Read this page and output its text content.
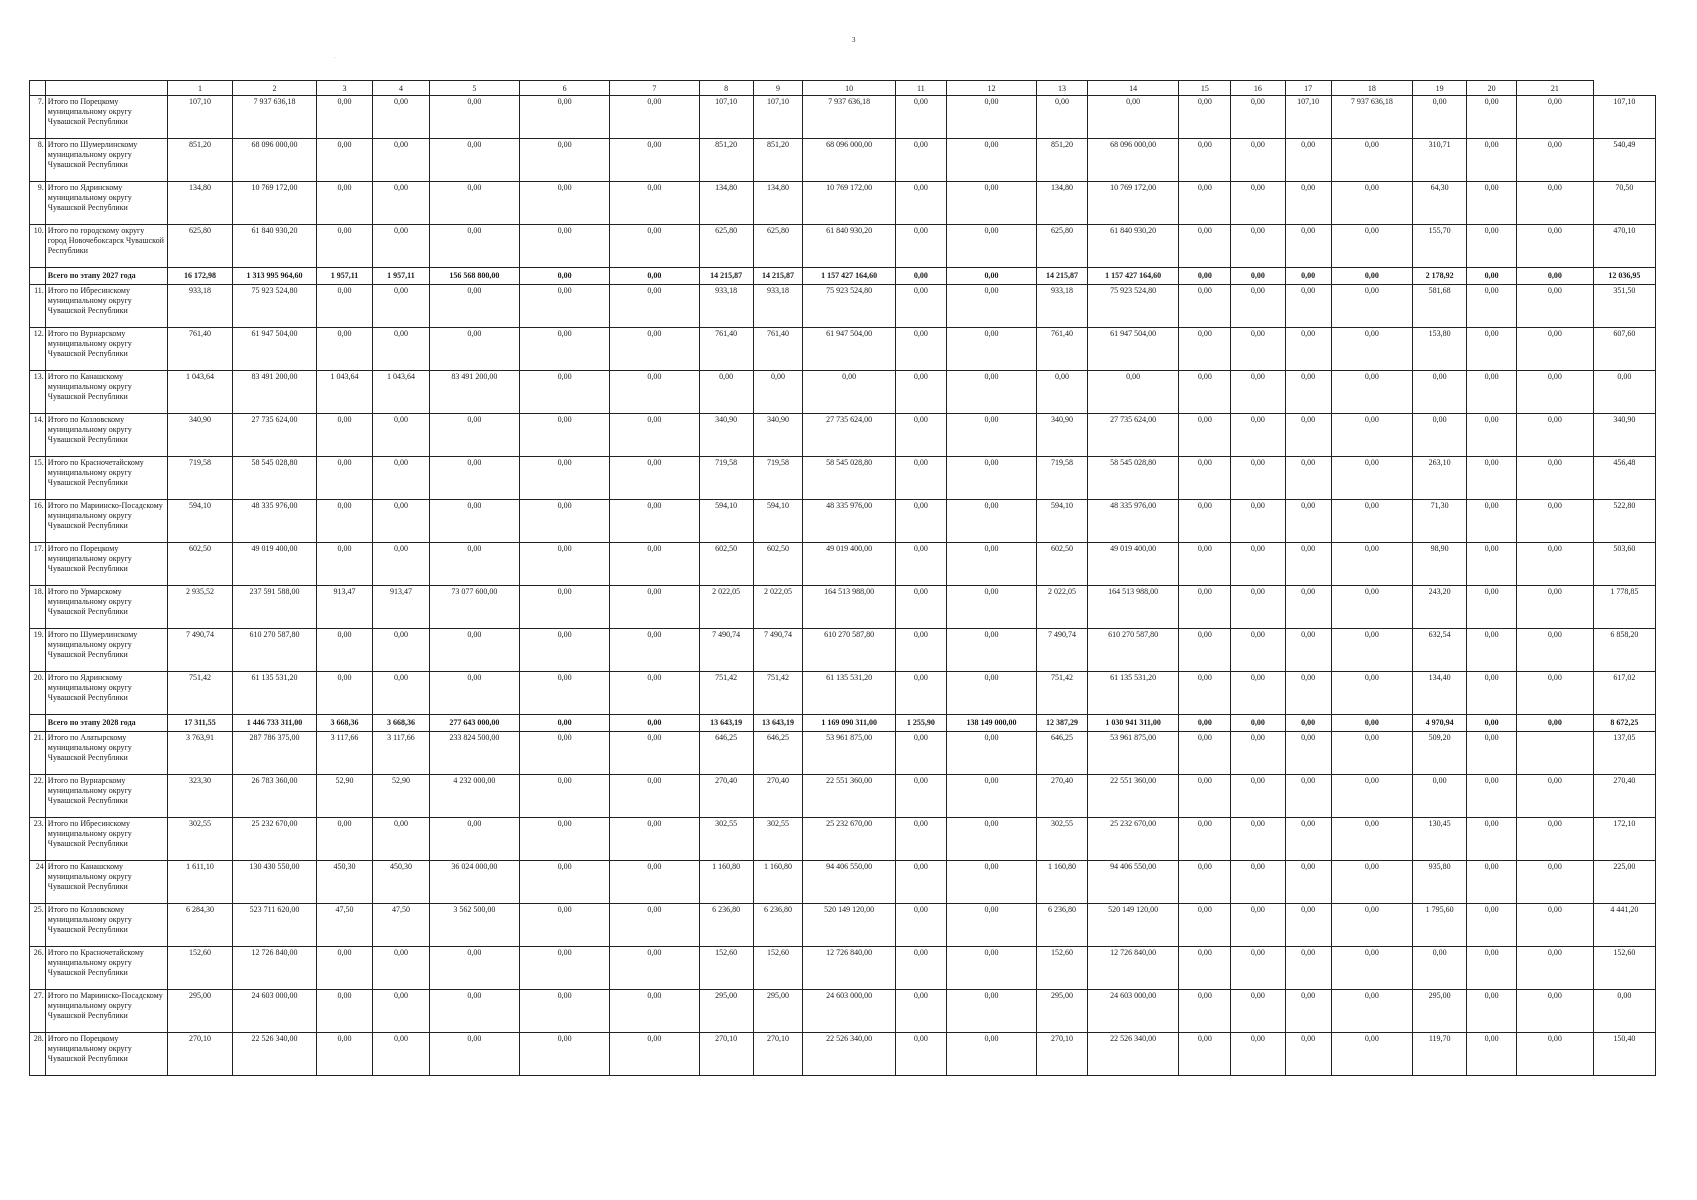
3
·
		1	2	3	4	5	6	7	8	9	10	11	12	13	14	15	16	17	18	19	20	21	
7.	Итого по Порецкому муниципальному округу Чувашской Республики	107,10	7 937 636,18	0,00	0,00	0,00	0,00	0,00	107,10	107,10	7 937 636,18	0,00	0,00	0,00	0,00	0,00	0,00	107,10	7 937 636,18	0,00	0,00	0,00	107,10
8.	Итого по Шумерлинскому муниципальному округу Чувашской Республики	851,20	68 096 000,00	0,00	0,00	0,00	0,00	0,00	851,20	851,20	68 096 000,00	0,00	0,00	851,20	68 096 000,00	0,00	0,00	0,00	0,00	310,71	0,00	0,00	540,49
9.	Итого по Ядринскому муниципальному округу Чувашской Республики	134,80	10 769 172,00	0,00	0,00	0,00	0,00	0,00	134,80	134,80	10 769 172,00	0,00	0,00	134,80	10 769 172,00	0,00	0,00	0,00	0,00	64,30	0,00	0,00	70,50
10.	Итого по городскому округу город Новочебоксарск Чувашской Республики	625,80	61 840 930,20	0,00	0,00	0,00	0,00	0,00	625,80	625,80	61 840 930,20	0,00	0,00	625,80	61 840 930,20	0,00	0,00	0,00	0,00	155,70	0,00	0,00	470,10
	Всего по этапу 2027 года	16 172,98	1 313 995 964,60	1 957,11	1 957,11	156 568 800,00	0,00	0,00	14 215,87	14 215,87	1 157 427 164,60	0,00	0,00	14 215,87	1 157 427 164,60	0,00	0,00	0,00	0,00	2 178,92	0,00	0,00	12 036,95
11.	Итого по Ибресинскому муниципальному округу Чувашской Республики	933,18	75 923 524,80	0,00	0,00	0,00	0,00	0,00	933,18	933,18	75 923 524,80	0,00	0,00	933,18	75 923 524,80	0,00	0,00	0,00	0,00	581,68	0,00	0,00	351,50
12.	Итого по Вурнарскому муниципальному округу Чувашской Республики	761,40	61 947 504,00	0,00	0,00	0,00	0,00	0,00	761,40	761,40	61 947 504,00	0,00	0,00	761,40	61 947 504,00	0,00	0,00	0,00	0,00	153,80	0,00	0,00	607,60
13.	Итого по Канашскому муниципальному округу Чувашской Республики	1 043,64	83 491 200,00	1 043,64	1 043,64	83 491 200,00	0,00	0,00	0,00	0,00	0,00	0,00	0,00	0,00	0,00	0,00	0,00	0,00	0,00	0,00	0,00	0,00	0,00
14.	Итого по Козловскому муниципальному округу Чувашской Республики	340,90	27 735 624,00	0,00	0,00	0,00	0,00	0,00	340,90	340,90	27 735 624,00	0,00	0,00	340,90	27 735 624,00	0,00	0,00	0,00	0,00	0,00	0,00	0,00	340,90
15.	Итого по Красночетайскому муниципальному округу Чувашской Республики	719,58	58 545 028,80	0,00	0,00	0,00	0,00	0,00	719,58	719,58	58 545 028,80	0,00	0,00	719,58	58 545 028,80	0,00	0,00	0,00	0,00	263,10	0,00	0,00	456,48
16.	Итого по Мариинско-Посадскому муниципальному округу Чувашской Республики	594,10	48 335 976,00	0,00	0,00	0,00	0,00	0,00	594,10	594,10	48 335 976,00	0,00	0,00	594,10	48 335 976,00	0,00	0,00	0,00	0,00	71,30	0,00	0,00	522,80
17.	Итого по Порецкому муниципальному округу Чувашской Республики	602,50	49 019 400,00	0,00	0,00	0,00	0,00	0,00	602,50	602,50	49 019 400,00	0,00	0,00	602,50	49 019 400,00	0,00	0,00	0,00	0,00	98,90	0,00	0,00	503,60
18.	Итого по Урмарскому муниципальному округу Чувашской Республики	2 935,52	237 591 588,00	913,47	913,47	73 077 600,00	0,00	0,00	2 022,05	2 022,05	164 513 988,00	0,00	0,00	2 022,05	164 513 988,00	0,00	0,00	0,00	0,00	243,20	0,00	0,00	1 778,85
19.	Итого по Шумерлинскому муниципальному округу Чувашской Республики	7 490,74	610 270 587,80	0,00	0,00	0,00	0,00	0,00	7 490,74	7 490,74	610 270 587,80	0,00	0,00	7 490,74	610 270 587,80	0,00	0,00	0,00	0,00	632,54	0,00	0,00	6 858,20
20.	Итого по Ядринскому муниципальному округу Чувашской Республики	751,42	61 135 531,20	0,00	0,00	0,00	0,00	0,00	751,42	751,42	61 135 531,20	0,00	0,00	751,42	61 135 531,20	0,00	0,00	0,00	0,00	134,40	0,00	0,00	617,02
	Всего по этапу 2028 года	17 311,55	1 446 733 311,00	3 668,36	3 668,36	277 643 000,00	0,00	0,00	13 643,19	13 643,19	1 169 090 311,00	1 255,90	138 149 000,00	12 387,29	1 030 941 311,00	0,00	0,00	0,00	0,00	4 970,94	0,00	0,00	8 672,25
21.	Итого по Алатырскому муниципальному округу Чувашской Республики	3 763,91	287 786 375,00	3 117,66	3 117,66	233 824 500,00	0,00	0,00	646,25	646,25	53 961 875,00	0,00	0,00	646,25	53 961 875,00	0,00	0,00	0,00	0,00	509,20	0,00		137,05
22.	Итого по Вурнарскому муниципальному округу Чувашской Республики	323,30	26 783 360,00	52,90	52,90	4 232 000,00	0,00	0,00	270,40	270,40	22 551 360,00	0,00	0,00	270,40	22 551 360,00	0,00	0,00	0,00	0,00	0,00	0,00	0,00	270,40
23.	Итого по Ибресинскому муниципальному округу Чувашской Республики	302,55	25 232 670,00	0,00	0,00	0,00	0,00	0,00	302,55	302,55	25 232 670,00	0,00	0,00	302,55	25 232 670,00	0,00	0,00	0,00	0,00	130,45	0,00	0,00	172,10
24	Итого по Канашскому муниципальному округу Чувашской Республики	1 611,10	130 430 550,00	450,30	450,30	36 024 000,00	0,00	0,00	1 160,80	1 160,80	94 406 550,00	0,00	0,00	1 160,80	94 406 550,00	0,00	0,00	0,00	0,00	935,80	0,00	0,00	225,00
25.	Итого по Козловскому муниципальному округу Чувашской Республики	6 284,30	523 711 620,00	47,50	47,50	3 562 500,00	0,00	0,00	6 236,80	6 236,80	520 149 120,00	0,00	0,00	6 236,80	520 149 120,00	0,00	0,00	0,00	0,00	1 795,60	0,00	0,00	4 441,20
26.	Итого по Красночетайскому муниципальному округу Чувашской Республики	152,60	12 726 840,00	0,00	0,00	0,00	0,00	0,00	152,60	152,60	12 726 840,00	0,00	0,00	152,60	12 726 840,00	0,00	0,00	0,00	0,00	0,00	0,00	0,00	152,60
27.	Итого по Мариинско-Посадскому муниципальному округу Чувашской Республики	295,00	24 603 000,00	0,00	0,00	0,00	0,00	0,00	295,00	295,00	24 603 000,00	0,00	0,00	295,00	24 603 000,00	0,00	0,00	0,00	0,00	295,00	0,00	0,00	0,00
28.	Итого по Порецкому муниципальному округу Чувашской Республики	270,10	22 526 340,00	0,00	0,00	0,00	0,00	0,00	270,10	270,10	22 526 340,00	0,00	0,00	270,10	22 526 340,00	0,00	0,00	0,00	0,00	119,70	0,00	0,00	150,40
